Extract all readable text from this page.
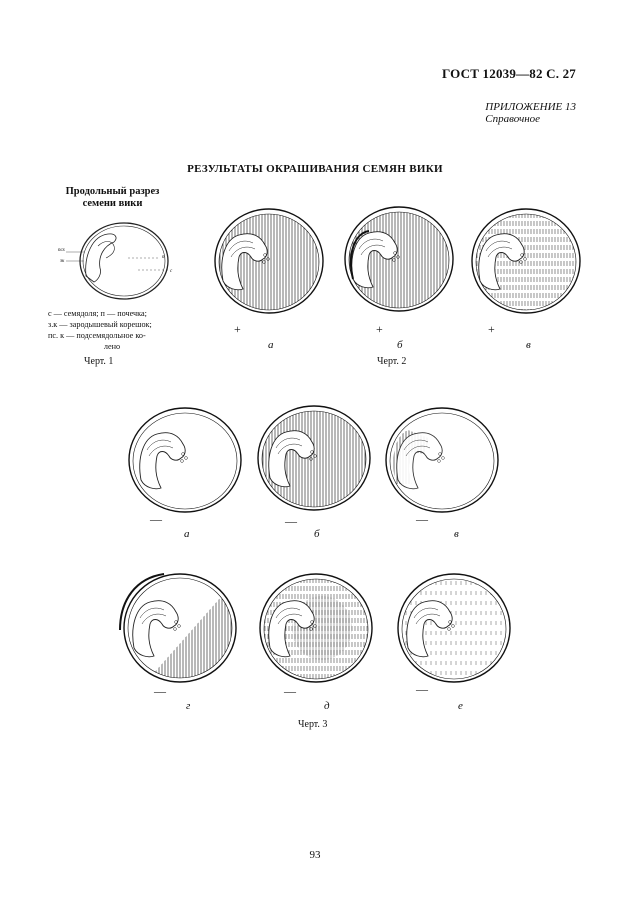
ГОСТ 12039—82 С. 27
ПРИЛОЖЕНИЕ 13
Справочное
РЕЗУЛЬТАТЫ ОКРАШИВАНИЯ СЕМЯН ВИКИ
Продольный разрез
семени вики
псх
зк
п
с
с — семядоля; п — почечка;
з.к — зародышевый корешок;
пс. к — подсемядольное ко-
лено
Черт. 1
+	+	+
а	б	в
Черт. 2
—	—	—
а	б	в
—	—	—
г	д	е
Черт. 3
93
